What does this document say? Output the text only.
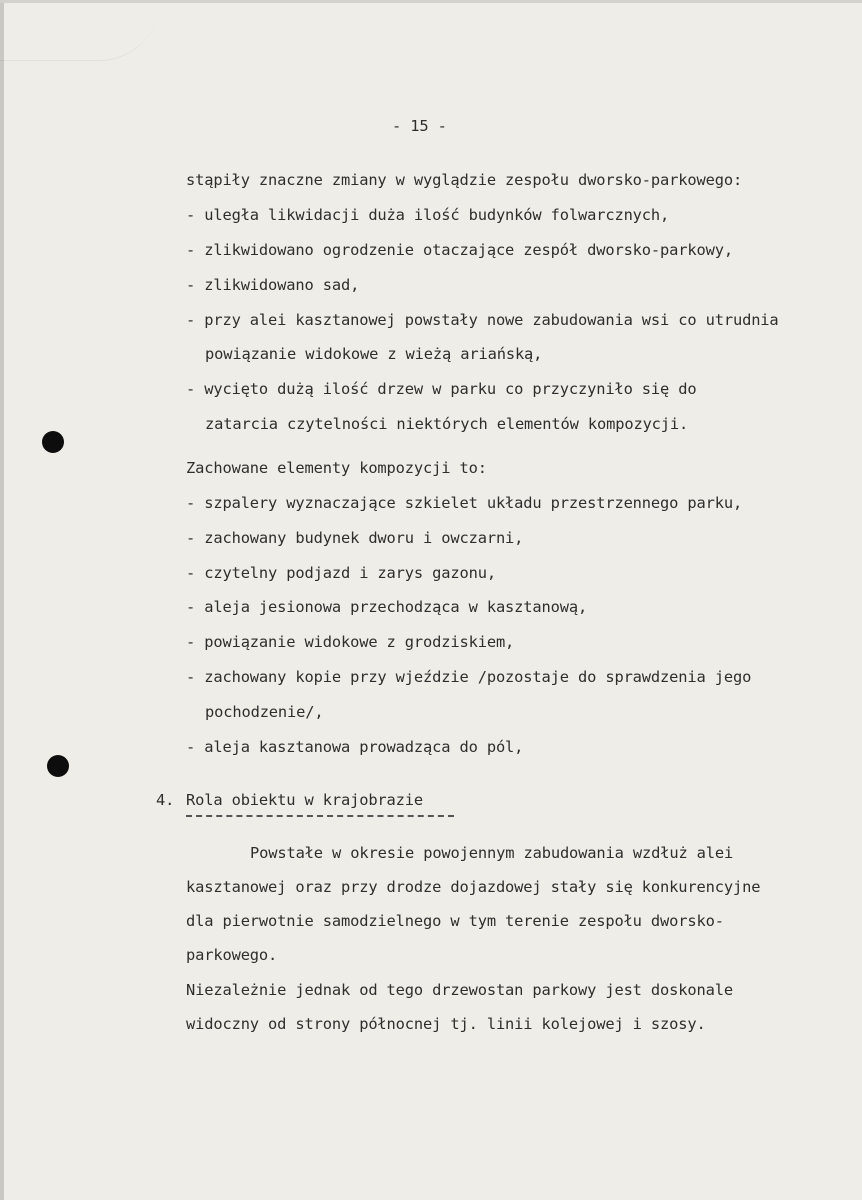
- 15 -
stąpiły znaczne zmiany w wyglądzie zespołu dworsko-parkowego:
- uległa likwidacji duża ilość budynków folwarcznych,
- zlikwidowano ogrodzenie otaczające zespół dworsko-parkowy,
- zlikwidowano sad,
- przy alei kasztanowej powstały nowe zabudowania wsi co utrudnia
powiązanie widokowe z wieżą ariańską,
- wycięto dużą ilość drzew w parku co przyczyniło się do
zatarcia czytelności niektórych elementów kompozycji.
Zachowane elementy kompozycji to:
- szpalery wyznaczające szkielet układu przestrzennego parku,
- zachowany budynek dworu i owczarni,
- czytelny podjazd i zarys gazonu,
- aleja jesionowa przechodząca w kasztanową,
- powiązanie widokowe z grodziskiem,
- zachowany kopie przy wjeździe /pozostaje do sprawdzenia jego
pochodzenie/,
- aleja kasztanowa prowadząca do pól,
4. Rola obiektu w krajobrazie
Powstałe w okresie powojennym zabudowania wzdłuż alei
kasztanowej oraz przy drodze dojazdowej stały się konkurencyjne
dla pierwotnie samodzielnego w tym terenie zespołu dworsko-
parkowego.
Niezależnie jednak od tego drzewostan parkowy jest doskonale
widoczny od strony północnej tj. linii kolejowej i szosy.
